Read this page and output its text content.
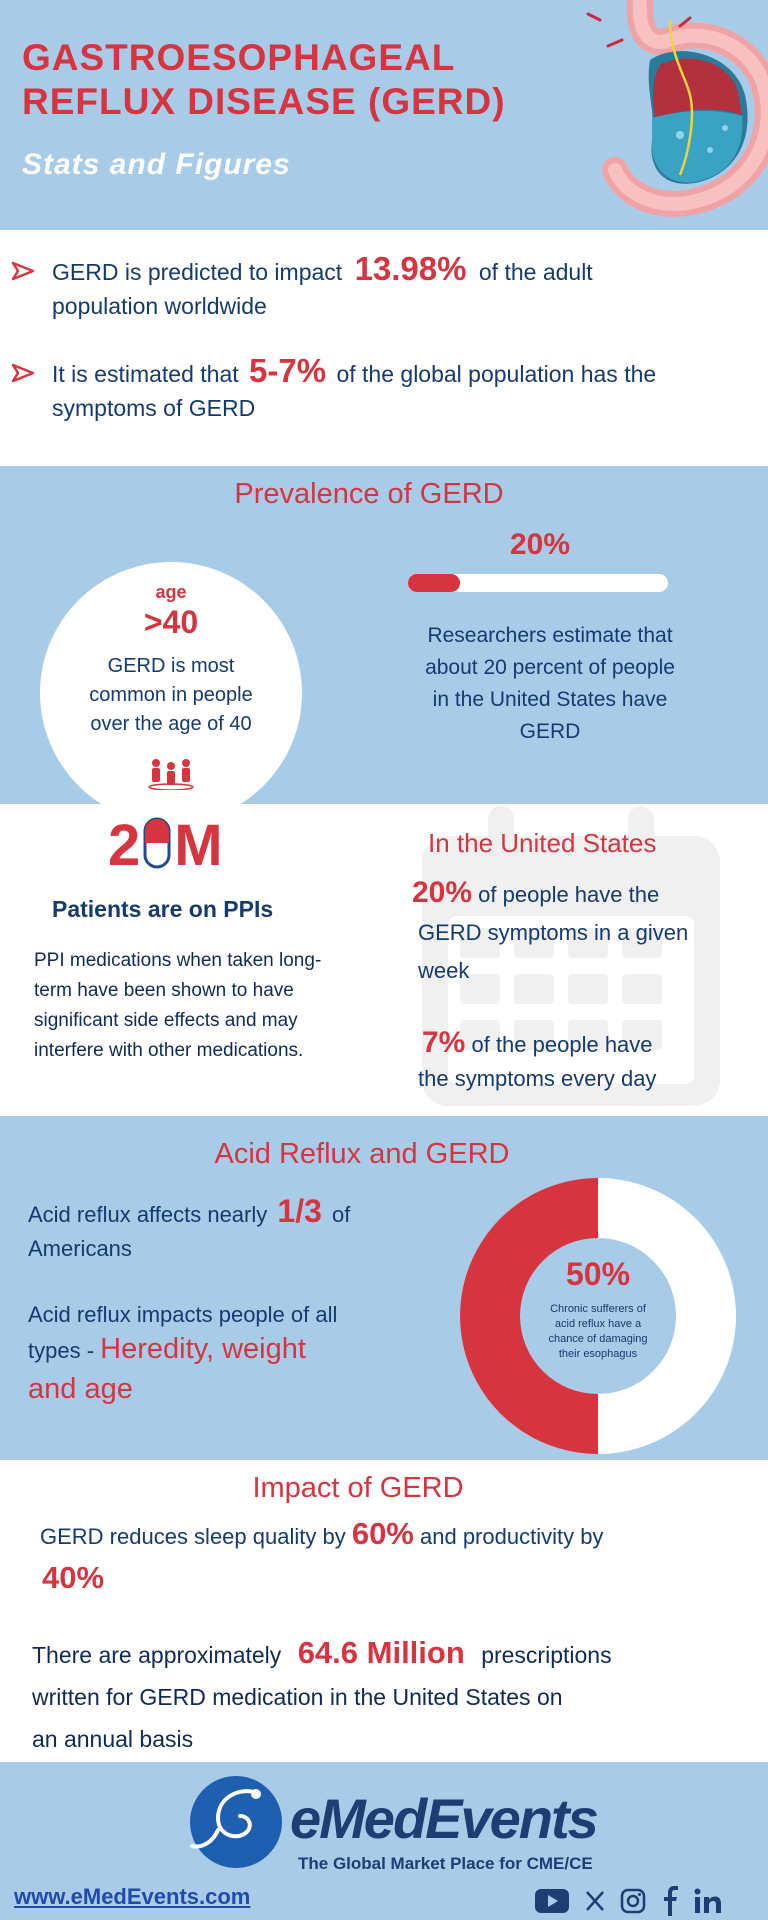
GASTROESOPHAGEAL
REFLUX DISEASE (GERD)
Stats and Figures
GERD is predicted to impact 13.98% of the adult
population worldwide
It is estimated that 5-7% of the global population has the
symptoms of GERD
Prevalence of GERD
age
>40
GERD is most
common in people
over the age of 40
20%
Researchers estimate that
about 20 percent of people
in the United States have
GERD
2 M
Patients are on PPIs
PPI medications when taken long-
term have been shown to have
significant side effects and may
interfere with other medications.
In the United States
20% of people have the
GERD symptoms in a given
week
7% of the people have
the symptoms every day
Acid Reflux and GERD
Acid reflux affects nearly 1/3 of
Americans
Acid reflux impacts people of all
types - Heredity, weight
and age
50%
Chronic sufferers of
acid reflux have a
chance of damaging
their esophagus
Impact of GERD
GERD reduces sleep quality by 60% and productivity by
40%
There are approximately 64.6 Million prescriptions
written for GERD medication in the United States on
an annual basis
eMedEvents
The Global Market Place for CME/CE
www.eMedEvents.com
